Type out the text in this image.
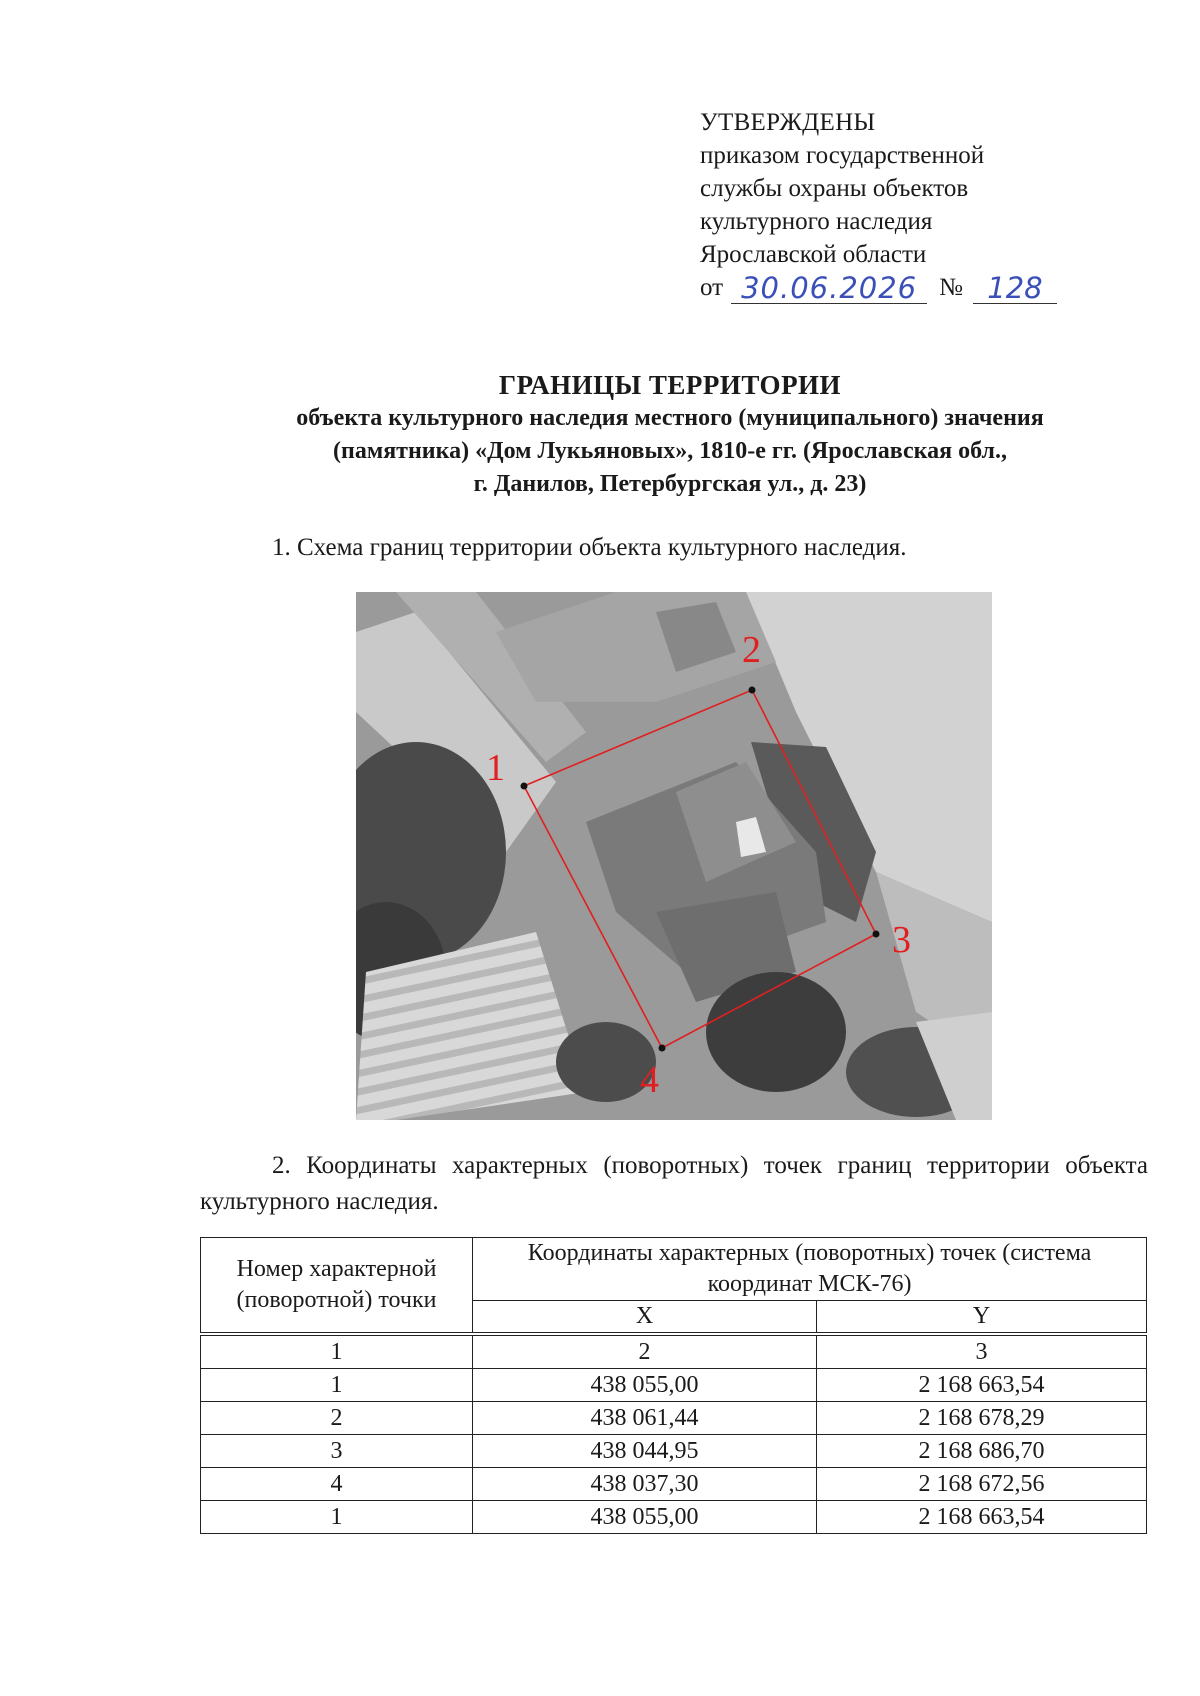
УТВЕРЖДЕНЫ
приказом государственной
службы охраны объектов
культурного наследия
Ярославской области
от 30.06.2026 № 128
ГРАНИЦЫ ТЕРРИТОРИИ
объекта культурного наследия местного (муниципального) значения
(памятника) «Дом Лукьяновых», 1810-е гг. (Ярославская обл.,
г. Данилов, Петербургская ул., д. 23)
1. Схема границ территории объекта культурного наследия.
1
2
3
4
2. Координаты характерных (поворотных) точек границ территории объекта культурного наследия.
Номер характерной (поворотной) точки	Координаты характерных (поворотных) точек (система координат МСК-76)	
	X	Y
1	2	3
1	438 055,00	2 168 663,54
2	438 061,44	2 168 678,29
3	438 044,95	2 168 686,70
4	438 037,30	2 168 672,56
1	438 055,00	2 168 663,54
